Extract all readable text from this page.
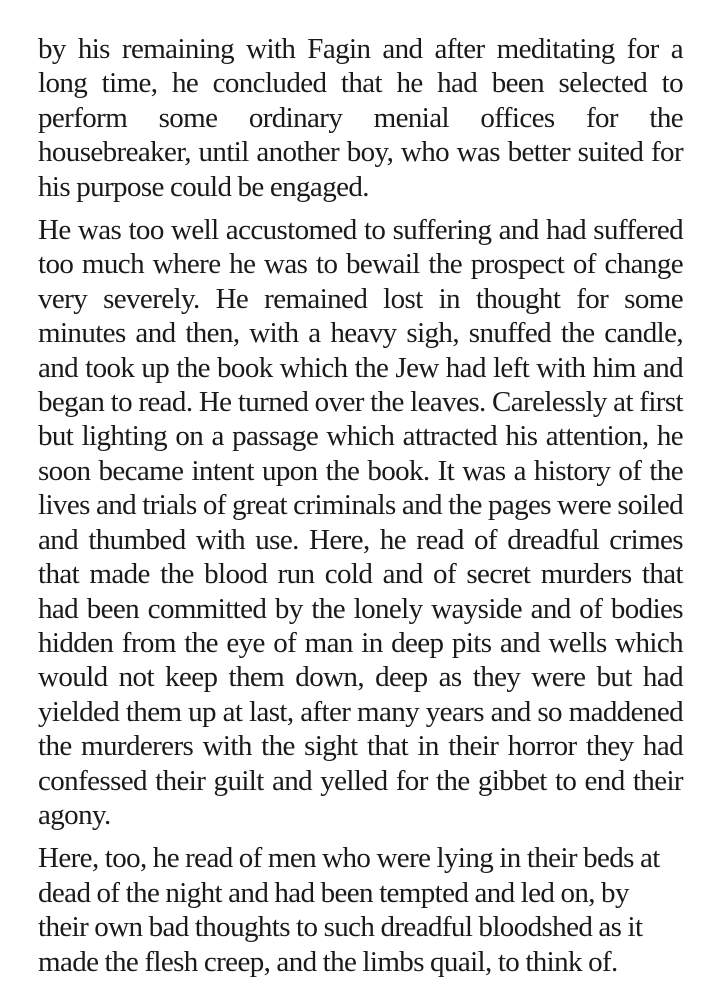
by his remaining with Fagin and after meditating for a long time, he concluded that he had been selected to perform some ordinary menial offices for the housebreaker, until another boy, who was better suited for his purpose could be engaged.

He was too well accustomed to suffering and had suffered too much where he was to bewail the prospect of change very severely. He remained lost in thought for some minutes and then, with a heavy sigh, snuffed the candle, and took up the book which the Jew had left with him and began to read. He turned over the leaves. Carelessly at first but lighting on a passage which attracted his attention, he soon became intent upon the book. It was a history of the lives and trials of great criminals and the pages were soiled and thumbed with use. Here, he read of dreadful crimes that made the blood run cold and of secret murders that had been committed by the lonely wayside and of bodies hidden from the eye of man in deep pits and wells which would not keep them down, deep as they were but had yielded them up at last, after many years and so maddened the murderers with the sight that in their horror they had confessed their guilt and yelled for the gibbet to end their agony.

Here, too, he read of men who were lying in their beds at dead of the night and had been tempted and led on, by their own bad thoughts to such dreadful bloodshed as it made the flesh creep, and the limbs quail, to think of.
